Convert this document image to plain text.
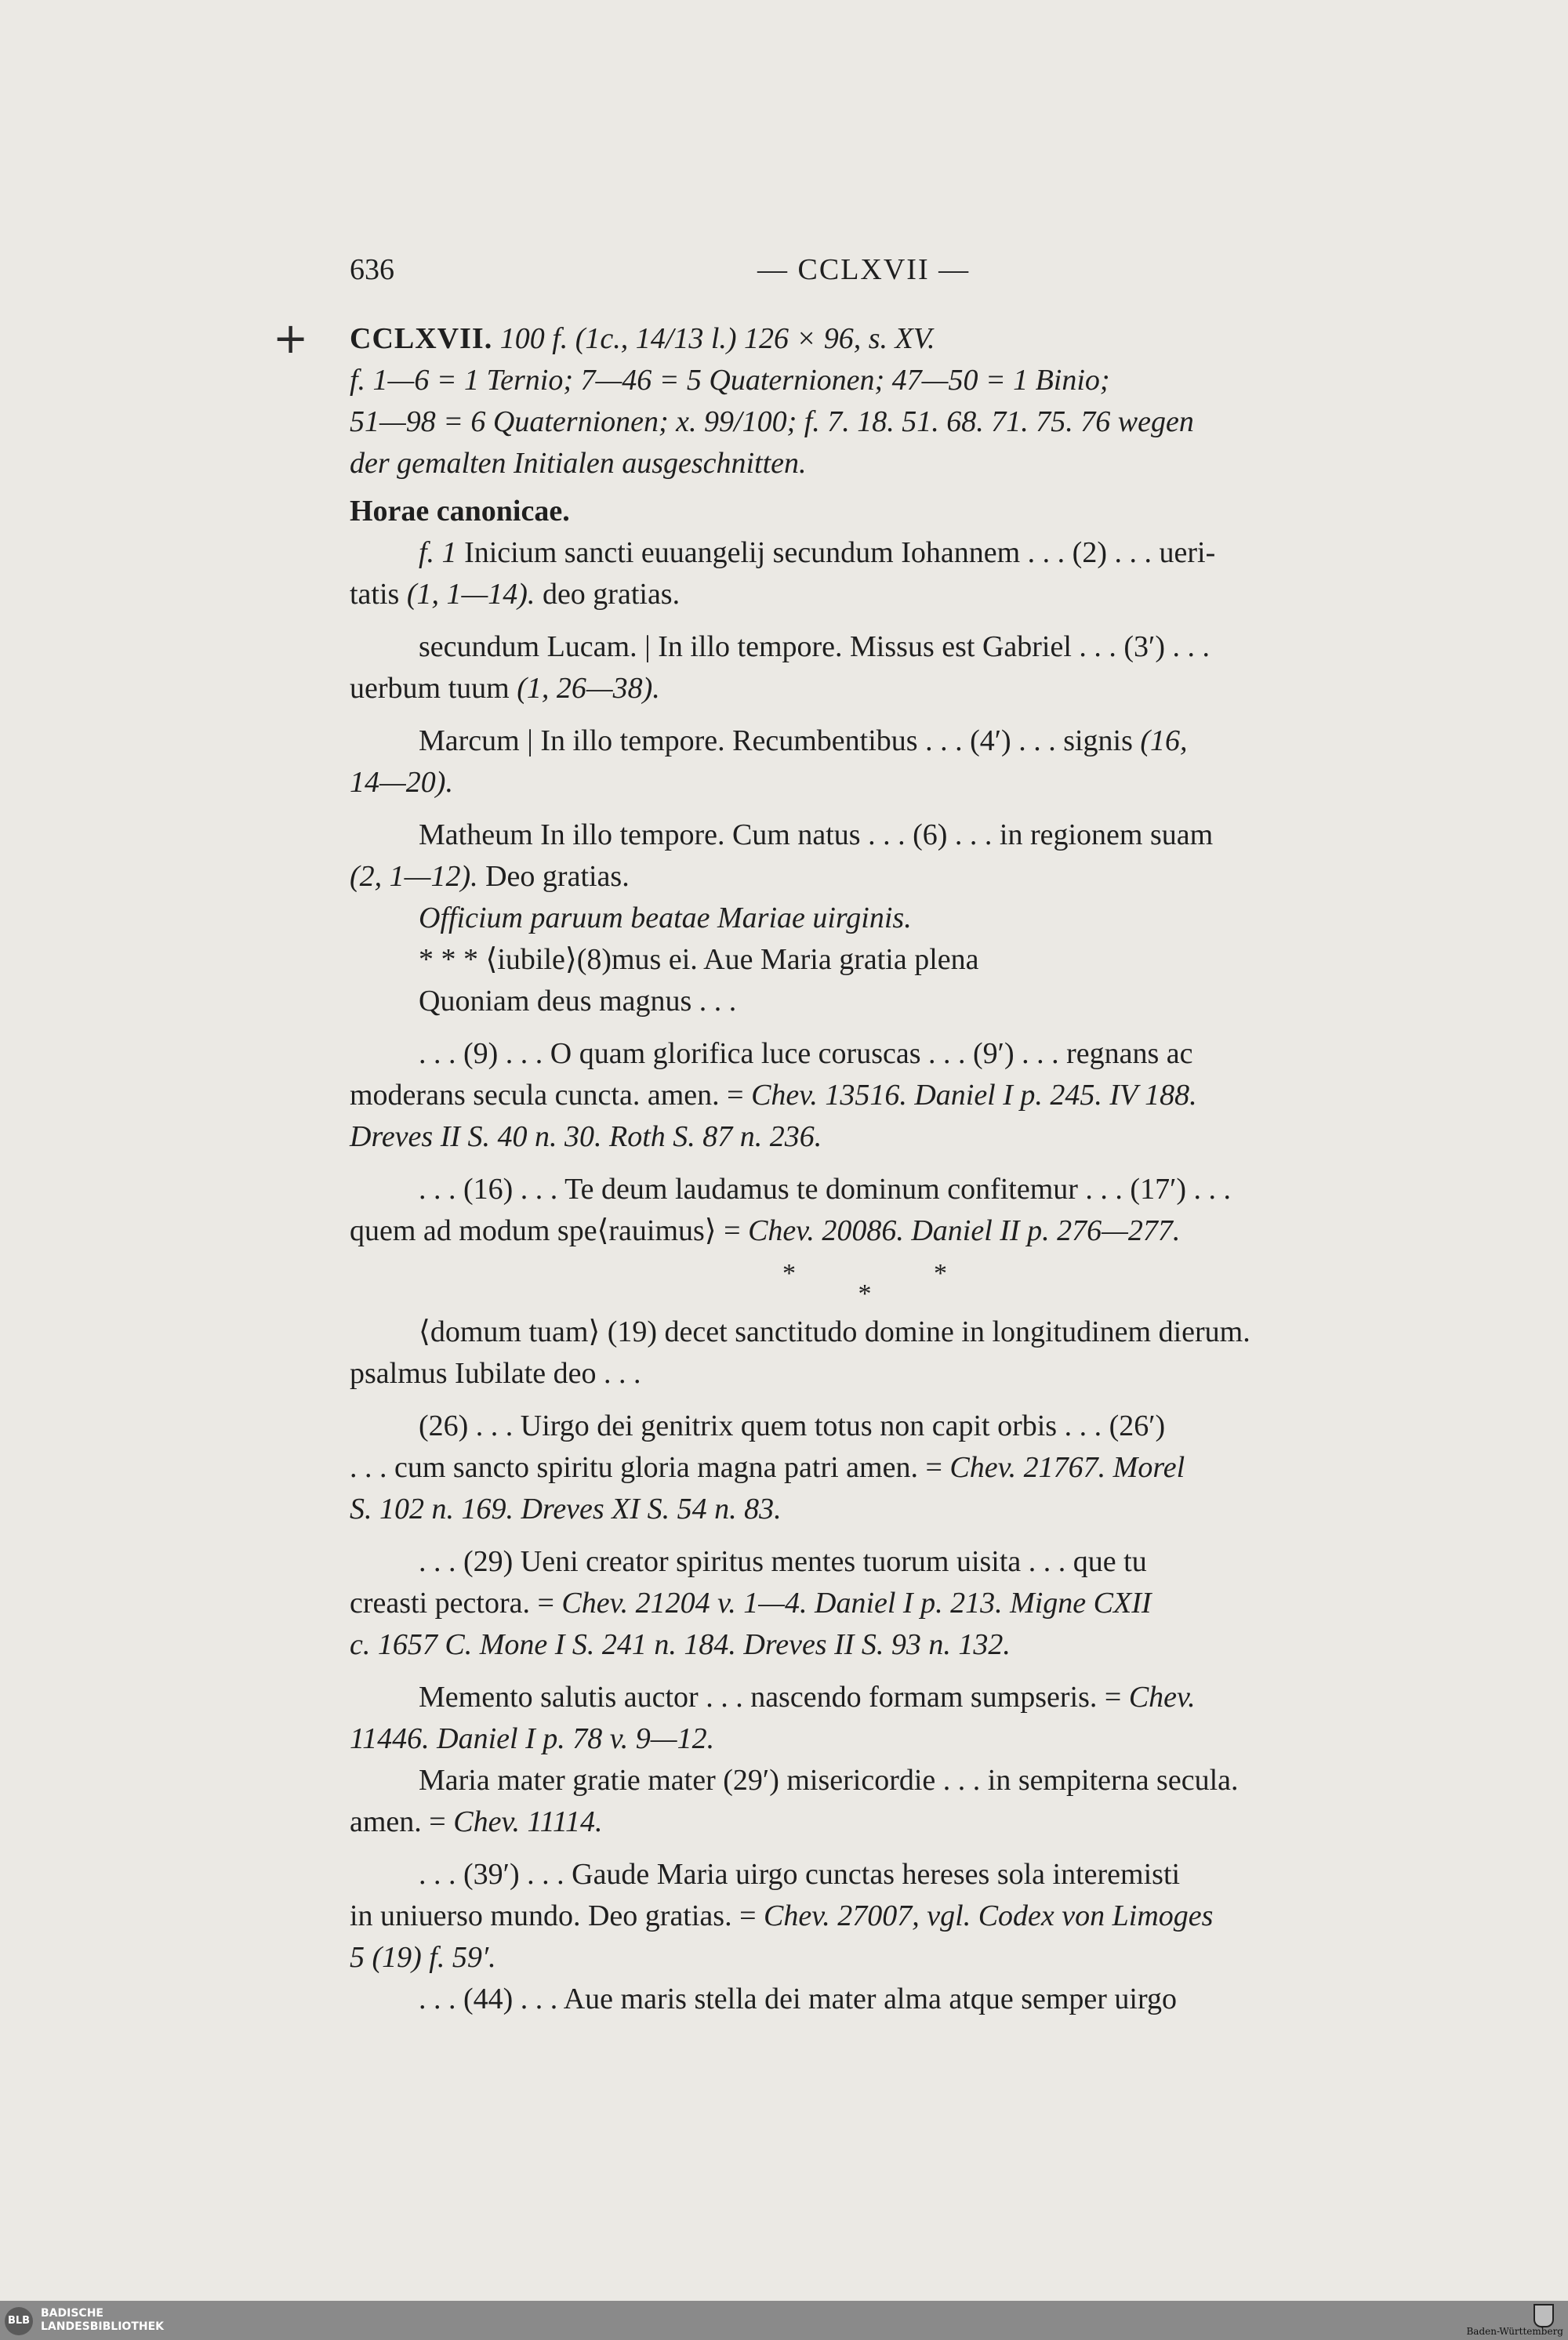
636	— CCLXVII —
+ CCLXVII. 100 f. (1c., 14/13 l.) 126 × 96, s. XV.

f. 1—6 = 1 Ternio; 7—46 = 5 Quaternionen; 47—50 = 1 Binio;

51—98 = 6 Quaternionen; x. 99/100; f. 7. 18. 51. 68. 71. 75. 76 wegen

der gemalten Initialen ausgeschnitten.

Horae canonicae.

f. 1 Inicium sancti euuangelij secundum Iohannem . . . (2) . . . ueri-

tatis (1, 1—14). deo gratias.

secundum Lucam. | In illo tempore. Missus est Gabriel . . . (3′) . . .

uerbum tuum (1, 26—38).

Marcum | In illo tempore. Recumbentibus . . . (4′) . . . signis (16,

14—20).

Matheum In illo tempore. Cum natus . . . (6) . . . in regionem suam

(2, 1—12). Deo gratias.

Officium paruum beatae Mariae uirginis.

* * * ⟨iubile⟩(8)mus ei. Aue Maria gratia plena

Quoniam deus magnus . . .

. . . (9) . . . O quam glorifica luce coruscas . . . (9′) . . . regnans ac

moderans secula cuncta. amen. = Chev. 13516. Daniel I p. 245. IV 188.

Dreves II S. 40 n. 30. Roth S. 87 n. 236.

. . . (16) . . . Te deum laudamus te dominum confitemur . . . (17′) . . .

quem ad modum spe⟨rauimus⟩ = Chev. 20086. Daniel II p. 276—277.

* * *

⟨domum tuam⟩ (19) decet sanctitudo domine in longitudinem dierum.

psalmus Iubilate deo . . .

(26) . . . Uirgo dei genitrix quem totus non capit orbis . . . (26′)

. . . cum sancto spiritu gloria magna patri amen. = Chev. 21767. Morel

S. 102 n. 169. Dreves XI S. 54 n. 83.

. . . (29) Ueni creator spiritus mentes tuorum uisita . . . que tu

creasti pectora. = Chev. 21204 v. 1—4. Daniel I p. 213. Migne CXII

c. 1657 C. Mone I S. 241 n. 184. Dreves II S. 93 n. 132.

Memento salutis auctor . . . nascendo formam sumpseris. = Chev.

11446. Daniel I p. 78 v. 9—12.

Maria mater gratie mater (29′) misericordie . . . in sempiterna secula.

amen. = Chev. 11114.

. . . (39′) . . . Gaude Maria uirgo cunctas hereses sola interemisti

in uniuerso mundo. Deo gratias. = Chev. 27007, vgl. Codex von Limoges

5 (19) f. 59′.

. . . (44) . . . Aue maris stella dei mater alma atque semper uirgo

BLB
BADISCHE
LANDESBIBLIOTHEK	Baden-Württemberg
